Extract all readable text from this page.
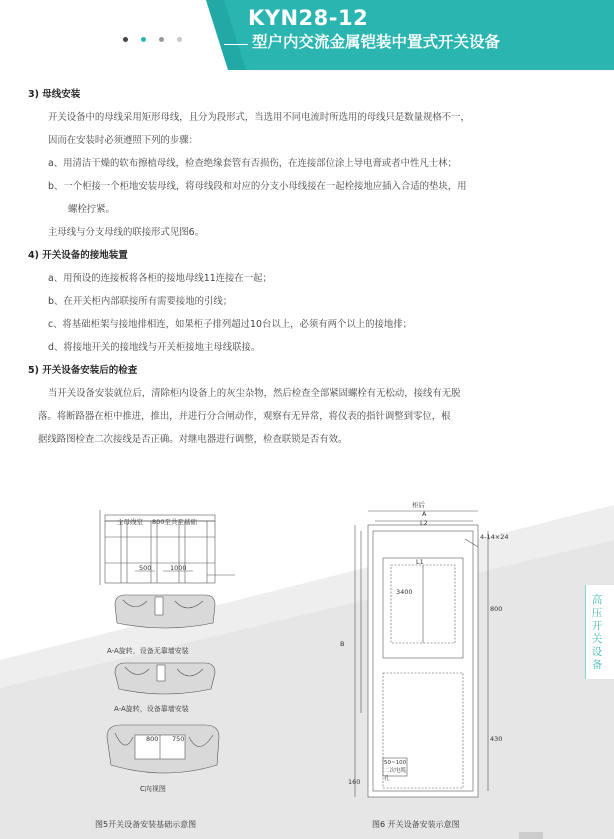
KYN28-12
型户内交流金属铠装中置式开关设备

3) 母线安装

开关设备中的母线采用矩形母线，且分为段形式，当选用不同电流时所选用的母线只是数量规格不一，

因而在安装时必须遵照下列的步骤：

a、用清洁干燥的软布擦植母线，检查绝缘套管有否损伤，在连接部位涂上导电膏或者中性凡士林；

b、一个柜接一个柜地安装母线，将母线段和对应的分支小母线接在一起栓接地应插入合适的垫块，用

螺栓拧紧。

主母线与分支母线的联接形式见图6。

4) 开关设备的接地装置

a、用预设的连接板将各柜的接地母线11连接在一起；

b、在开关柜内部联接所有需要接地的引线；

c、将基础柜架与接地排相连，如果柜子排列超过10台以上，必须有两个以上的接地排；

d、将接地开关的接地线与开关柜接地主母线联接。

5) 开关设备安装后的检查

当开关设备安装就位后，清除柜内设备上的灰尘杂物，然后检查全部紧固螺栓有无松动，接线有无脱

落。将断路器在柜中推进，推出，并进行分合闸动作，观察有无异常，将仪表的指针调整到零位，根

据线路图检查二次接线是否正确。对继电器进行调整，检查联锁是否有效。

主母线室 800至共至基础
500	1000
800 750
A-A旋转，设备无靠墙安装
A-A旋转，设备靠墙安装
C向视图
图5开关设备安装基础示意图
柜后
A
L2
L1
B
4-14×24
3400
800
430
160
50~100 二次电缆孔
图6 开关设备安装示意图
高压开关设备
